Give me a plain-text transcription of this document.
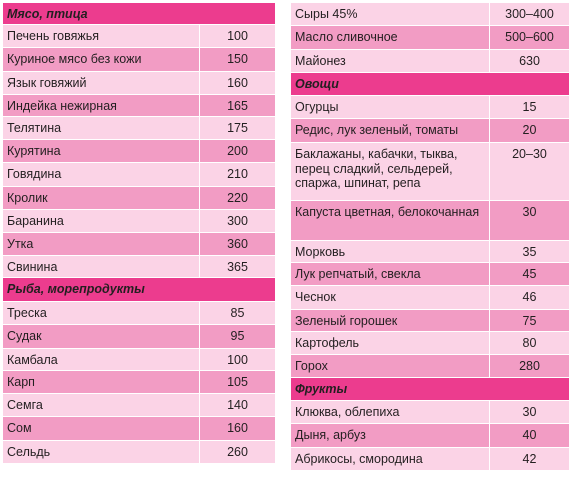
Мясо, птица	
Печень говяжья	100
Куриное мясо без кожи	150
Язык говяжий	160
Индейка нежирная	165
Телятина	175
Курятина	200
Говядина	210
Кролик	220
Баранина	300
Утка	360
Свинина	365
Рыба, морепродукты	
Треска	85
Судак	95
Камбала	100
Карп	105
Семга	140
Сом	160
Сельдь	260
Сыры 45%	300–400
Масло сливочное	500–600
Майонез	630
Овощи	
Огурцы	15
Редис, лук зеленый, томаты	20
Баклажаны, кабачки, тыква, перец сладкий, сельдерей, спаржа, шпинат, репа	20–30
Капуста цветная, белокочанная	30
Морковь	35
Лук репчатый, свекла	45
Чеснок	46
Зеленый горошек	75
Картофель	80
Горох	280
Фрукты	
Клюква, облепиха	30
Дыня, арбуз	40
Абрикосы, смородина	42
